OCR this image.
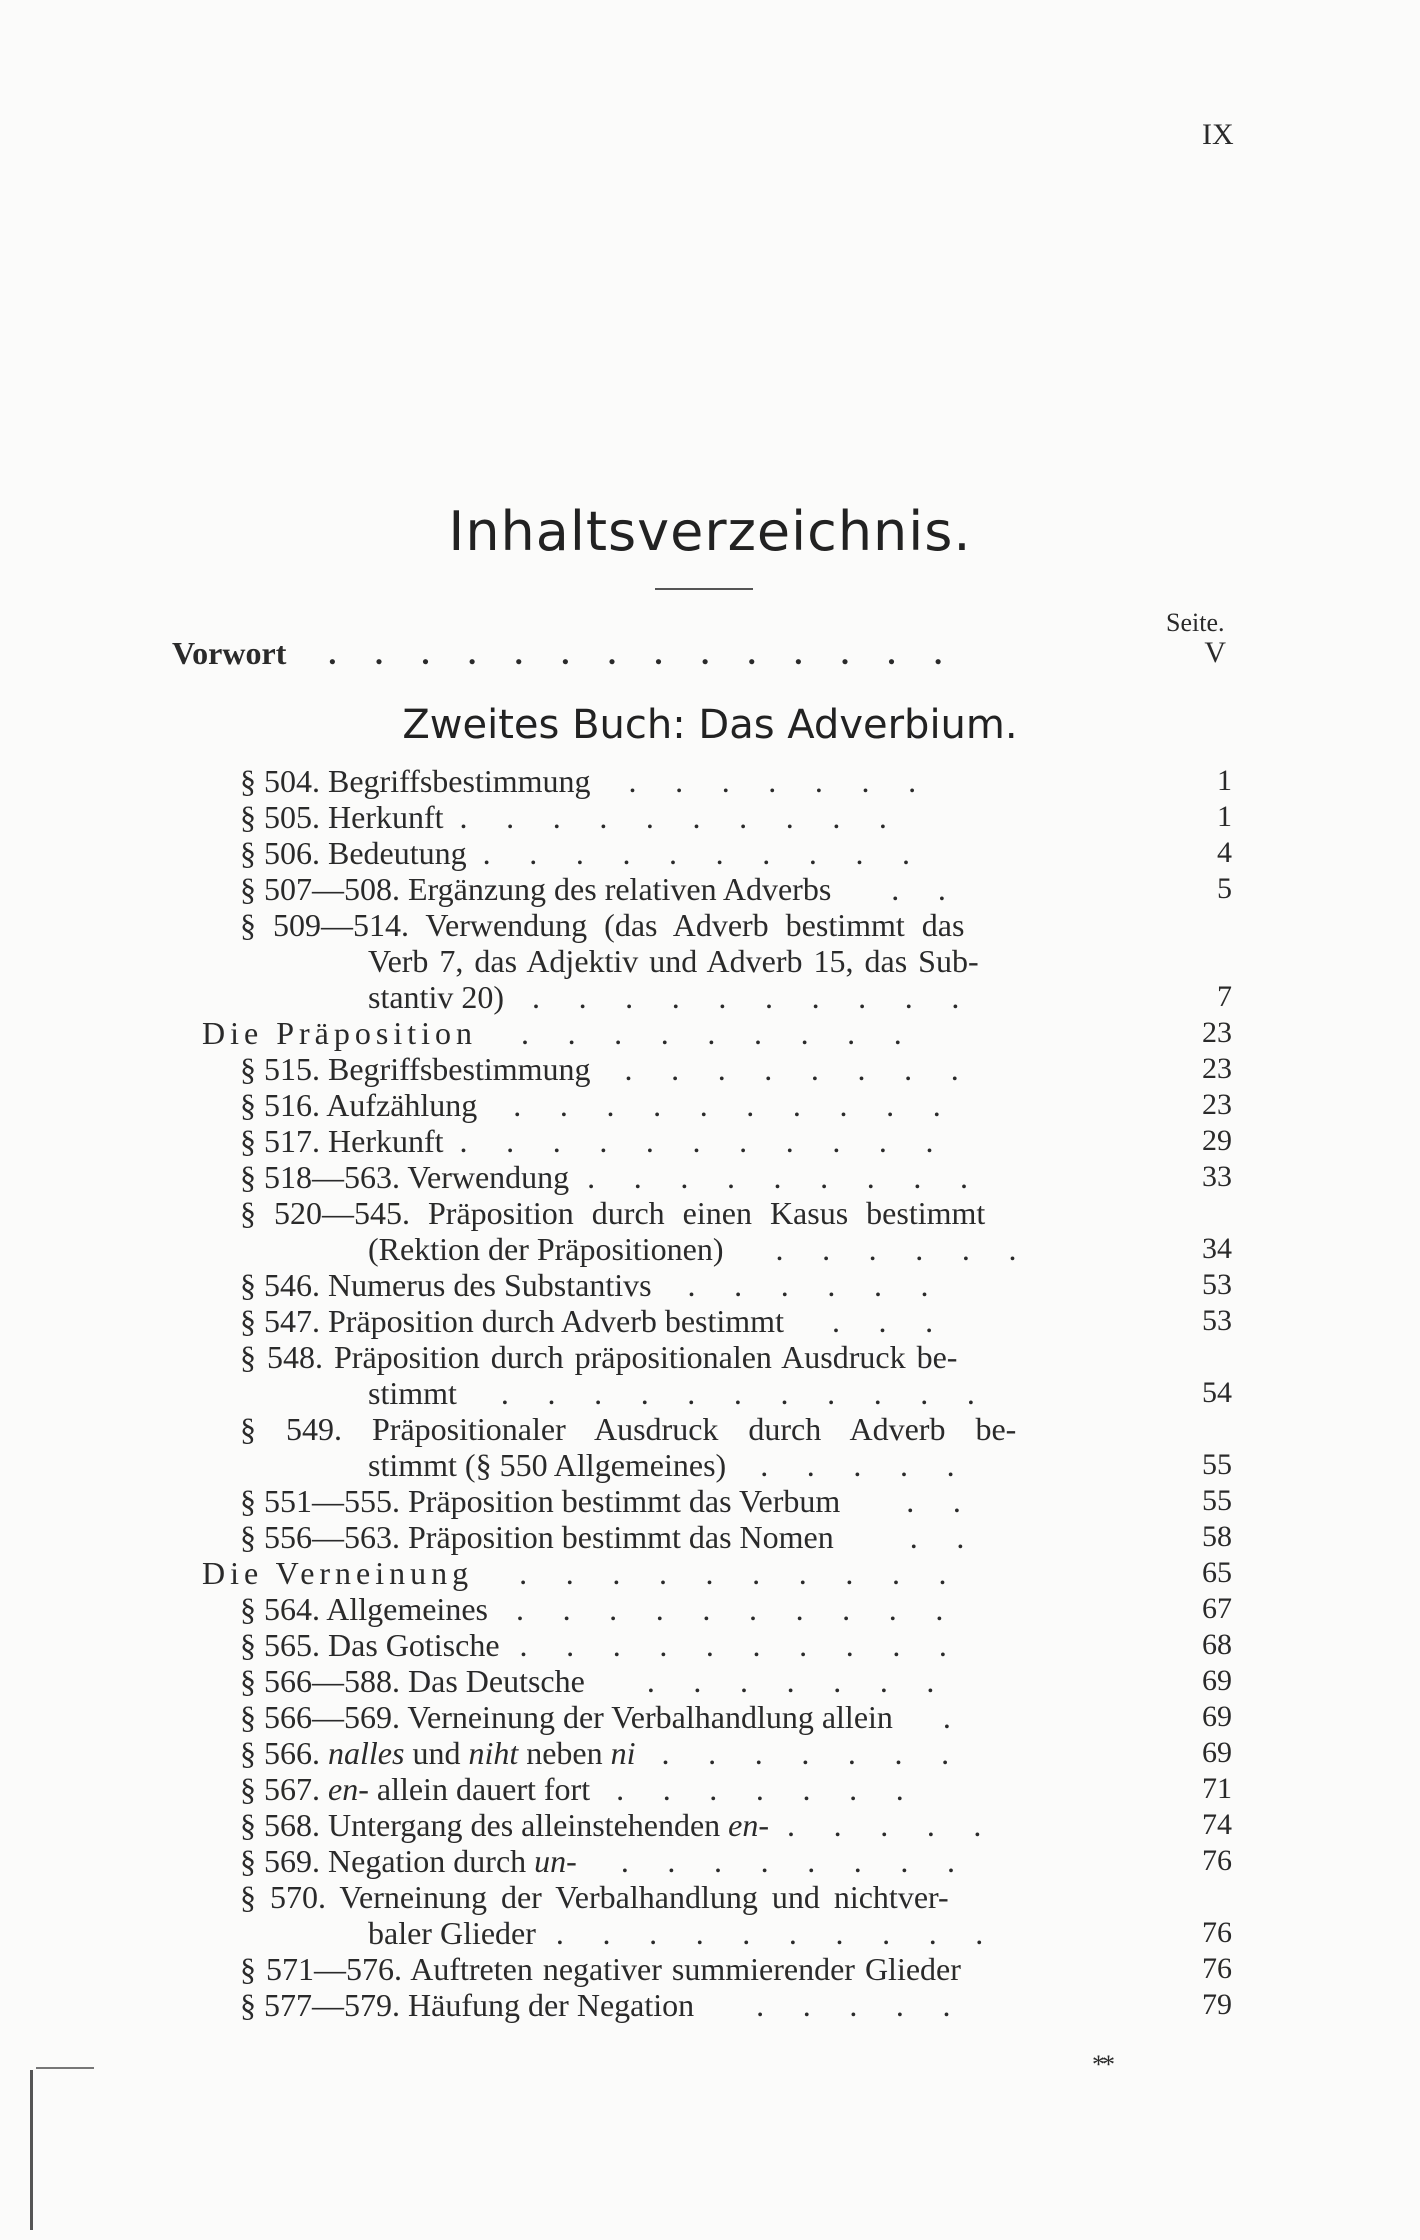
IX
Inhaltsverzeichnis.
Seite.
Vorwort . . . . . . . . . . . . . .	V
Zweites Buch: Das Adverbium.
§ 504. Begriffsbestimmung . . . . . . .	1
§ 505. Herkunft . . . . . . . . . .	1
§ 506. Bedeutung . . . . . . . . . .	4
§ 507—508. Ergänzung des relativen Adverbs . .	5
§ 509—514. Verwendung (das Adverb bestimmt das
Verb 7, das Adjektiv und Adverb 15, das Sub-
stantiv 20) . . . . . . . . . .	7
Die Präposition . . . . . . . . .	23
§ 515. Begriffsbestimmung . . . . . . . .	23
§ 516. Aufzählung . . . . . . . . . .	23
§ 517. Herkunft . . . . . . . . . . .	29
§ 518—563. Verwendung . . . . . . . . .	33
§ 520—545. Präposition durch einen Kasus bestimmt
(Rektion der Präpositionen) . . . . . .	34
§ 546. Numerus des Substantivs . . . . . .	53
§ 547. Präposition durch Adverb bestimmt . . .	53
§ 548. Präposition durch präpositionalen Ausdruck be-
stimmt . . . . . . . . . . .	54
§ 549. Präpositionaler Ausdruck durch Adverb be-
stimmt (§ 550 Allgemeines) . . . . .	55
§ 551—555. Präposition bestimmt das Verbum . .	55
§ 556—563. Präposition bestimmt das Nomen . .	58
Die Verneinung . . . . . . . . . .	65
§ 564. Allgemeines . . . . . . . . . .	67
§ 565. Das Gotische . . . . . . . . . .	68
§ 566—588. Das Deutsche . . . . . . .	69
§ 566—569. Verneinung der Verbalhandlung allein .	69
§ 566. nalles und niht neben ni . . . . . . .	69
§ 567. en- allein dauert fort . . . . . . .	71
§ 568. Untergang des alleinstehenden en- . . . . .	74
§ 569. Negation durch un- . . . . . . . .	76
§ 570. Verneinung der Verbalhandlung und nichtver-
baler Glieder . . . . . . . . . .	76
§ 571—576. Auftreten negativer summierender Glieder	76
§ 577—579. Häufung der Negation . . . . .	79
**
